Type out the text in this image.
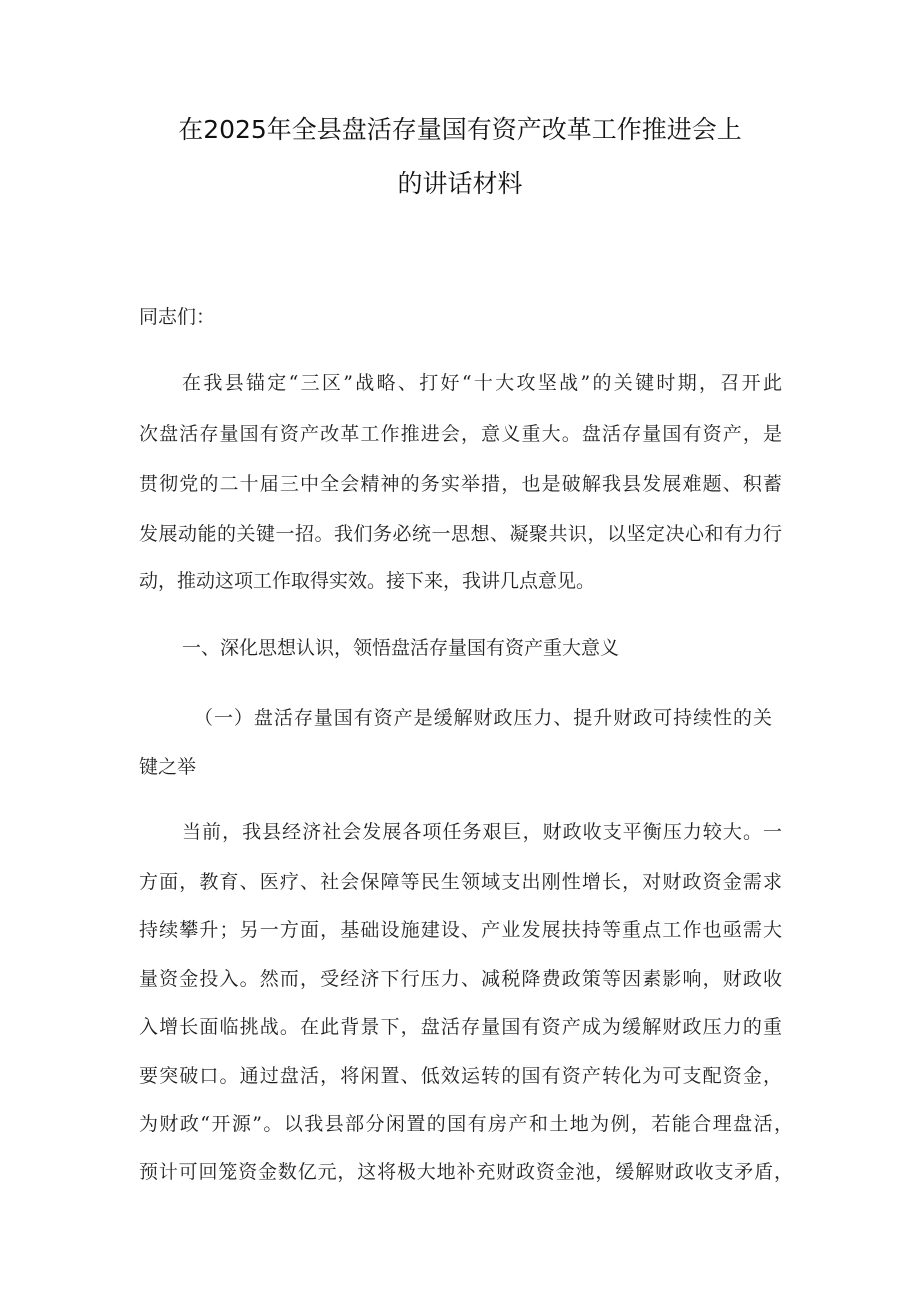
在2025年全县盘活存量国有资产改革工作推进会上
的讲话材料
同志们：
在我县锚定“三区”战略、打好“十大攻坚战”的关键时期，召开此
次盘活存量国有资产改革工作推进会，意义重大。盘活存量国有资产，是
贯彻党的二十届三中全会精神的务实举措，也是破解我县发展难题、积蓄
发展动能的关键一招。我们务必统一思想、凝聚共识，以坚定决心和有力行
动，推动这项工作取得实效。接下来，我讲几点意见。
一、深化思想认识，领悟盘活存量国有资产重大意义
（一）盘活存量国有资产是缓解财政压力、提升财政可持续性的关
键之举
当前，我县经济社会发展各项任务艰巨，财政收支平衡压力较大。一
方面，教育、医疗、社会保障等民生领域支出刚性增长，对财政资金需求
持续攀升；另一方面，基础设施建设、产业发展扶持等重点工作也亟需大
量资金投入。然而，受经济下行压力、减税降费政策等因素影响，财政收
入增长面临挑战。在此背景下，盘活存量国有资产成为缓解财政压力的重
要突破口。通过盘活，将闲置、低效运转的国有资产转化为可支配资金，
为财政“开源”。以我县部分闲置的国有房产和土地为例，若能合理盘活，
预计可回笼资金数亿元，这将极大地补充财政资金池，缓解财政收支矛盾，
